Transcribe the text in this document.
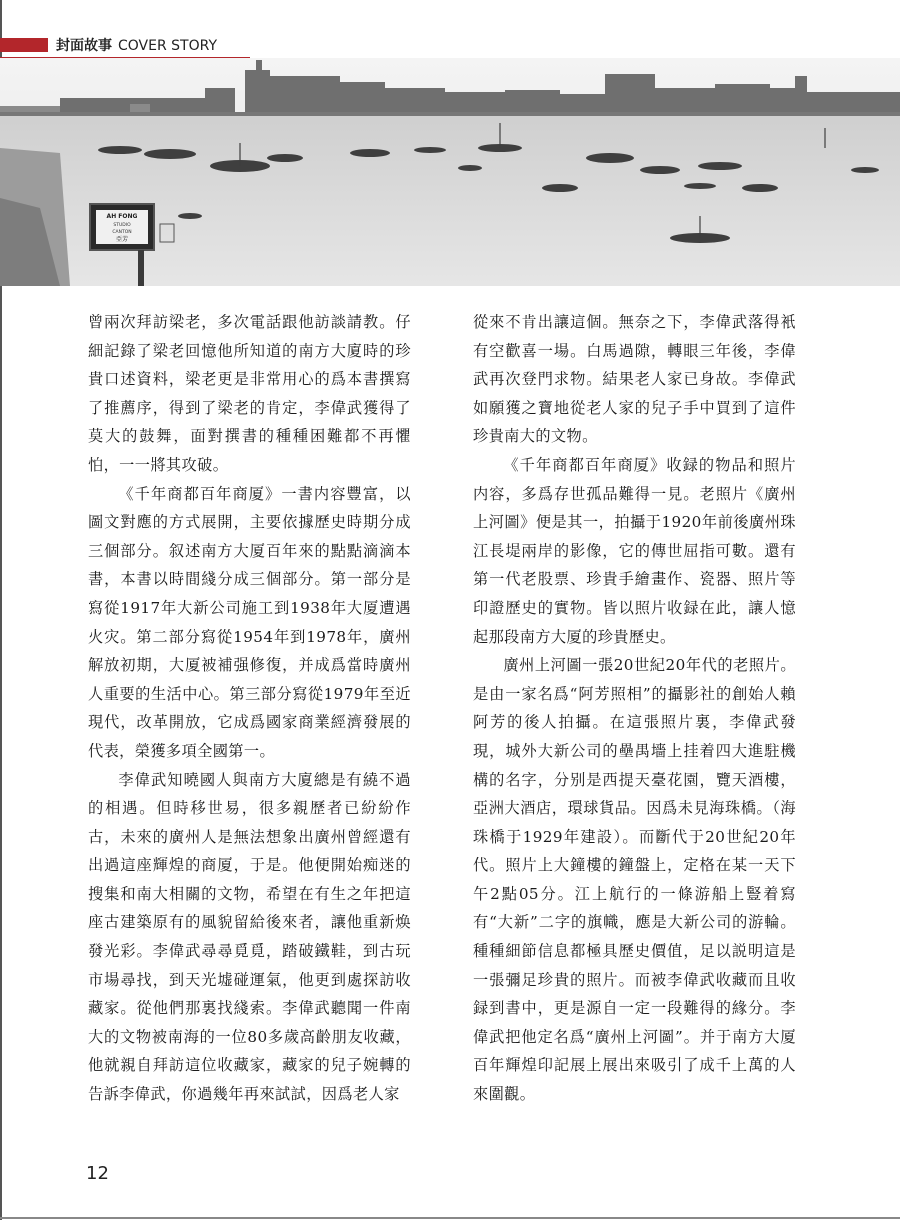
封面故事 COVER STORY
AH FONG
STUDIO
CANTON
亞芳

曾兩次拜訪梁老，多次電話跟他訪談請教。仔細記錄了梁老回憶他所知道的南方大廈時的珍貴口述資料，梁老更是非常用心的爲本書撰寫了推薦序，得到了梁老的肯定，李偉武獲得了莫大的鼓舞，面對撰書的種種困難都不再懼怕，一一將其攻破。

《千年商都百年商厦》一書内容豐富，以圖文對應的方式展開，主要依據歷史時期分成三個部分。叙述南方大厦百年來的點點滴滴本書，本書以時間綫分成三個部分。第一部分是寫從1917年大新公司施工到1938年大厦遭遇火灾。第二部分寫從1954年到1978年，廣州解放初期，大厦被補强修復，并成爲當時廣州人重要的生活中心。第三部分寫從1979年至近現代，改革開放，它成爲國家商業經濟發展的代表，榮獲多項全國第一。

李偉武知曉國人與南方大廈總是有繞不過的相遇。但時移世易，很多親歷者已紛紛作古，未來的廣州人是無法想象出廣州曾經還有出過這座輝煌的商厦，于是。他便開始痴迷的搜集和南大相關的文物，希望在有生之年把這座古建築原有的風貌留給後來者，讓他重新焕發光彩。李偉武尋尋覓覓，踏破鐵鞋，到古玩市場尋找，到天光墟碰運氣，他更到處探訪收藏家。從他們那裏找綫索。李偉武聽聞一件南大的文物被南海的一位80多歲高齡朋友收藏，他就親自拜訪這位收藏家，藏家的兒子婉轉的告訴李偉武，你過幾年再來試試，因爲老人家

從來不肯出讓這個。無奈之下，李偉武落得衹有空歡喜一場。白馬過隙，轉眼三年後，李偉武再次登門求物。結果老人家已身故。李偉武如願獲之寶地從老人家的兒子手中買到了這件珍貴南大的文物。

《千年商都百年商厦》收録的物品和照片内容，多爲存世孤品難得一見。老照片《廣州上河圖》便是其一，拍攝于1920年前後廣州珠江長堤兩岸的影像，它的傳世屈指可數。還有第一代老股票、珍貴手繪畫作、瓷器、照片等印證歷史的實物。皆以照片收録在此，讓人憶起那段南方大厦的珍貴歷史。

廣州上河圖一張20世紀20年代的老照片。是由一家名爲“阿芳照相”的攝影社的創始人賴阿芳的後人拍攝。在這張照片裏，李偉武發現，城外大新公司的壘禺墻上挂着四大進駐機構的名字，分别是西提天臺花園，覽天酒樓，亞洲大酒店，環球貨品。因爲未見海珠橋。（海珠橋于1929年建設）。而斷代于20世紀20年代。照片上大鐘樓的鐘盤上，定格在某一天下午2點05分。江上航行的一條游船上豎着寫有“大新”二字的旗幟，應是大新公司的游輪。種種細節信息都極具歷史價值，足以説明這是一張彌足珍貴的照片。而被李偉武收藏而且收録到書中，更是源自一定一段難得的緣分。李偉武把他定名爲“廣州上河圖”。并于南方大厦百年輝煌印記展上展出來吸引了成千上萬的人來圍觀。

12
